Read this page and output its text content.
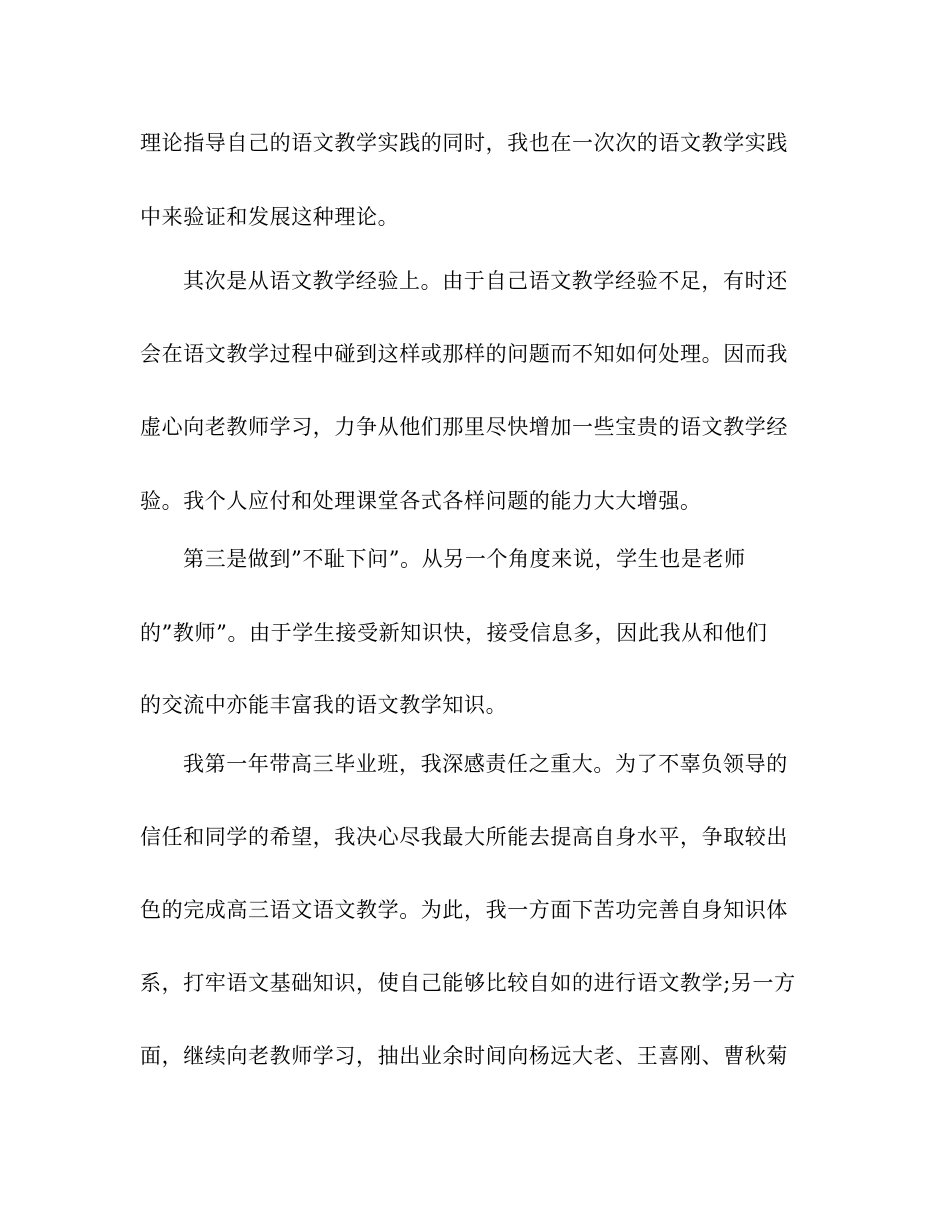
理论指导自己的语文教学实践的同时，我也在一次次的语文教学实践
中来验证和发展这种理论。
其次是从语文教学经验上。由于自己语文教学经验不足，有时还
会在语文教学过程中碰到这样或那样的问题而不知如何处理。因而我
虚心向老教师学习，力争从他们那里尽快增加一些宝贵的语文教学经
验。我个人应付和处理课堂各式各样问题的能力大大增强。
第三是做到”不耻下问”。从另一个角度来说，学生也是老师
的”教师”。由于学生接受新知识快，接受信息多，因此我从和他们
的交流中亦能丰富我的语文教学知识。
我第一年带高三毕业班，我深感责任之重大。为了不辜负领导的
信任和同学的希望，我决心尽我最大所能去提高自身水平，争取较出
色的完成高三语文语文教学。为此，我一方面下苦功完善自身知识体
系，打牢语文基础知识，使自己能够比较自如的进行语文教学;另一方
面，继续向老教师学习，抽出业余时间向杨远大老、王喜刚、曹秋菊
